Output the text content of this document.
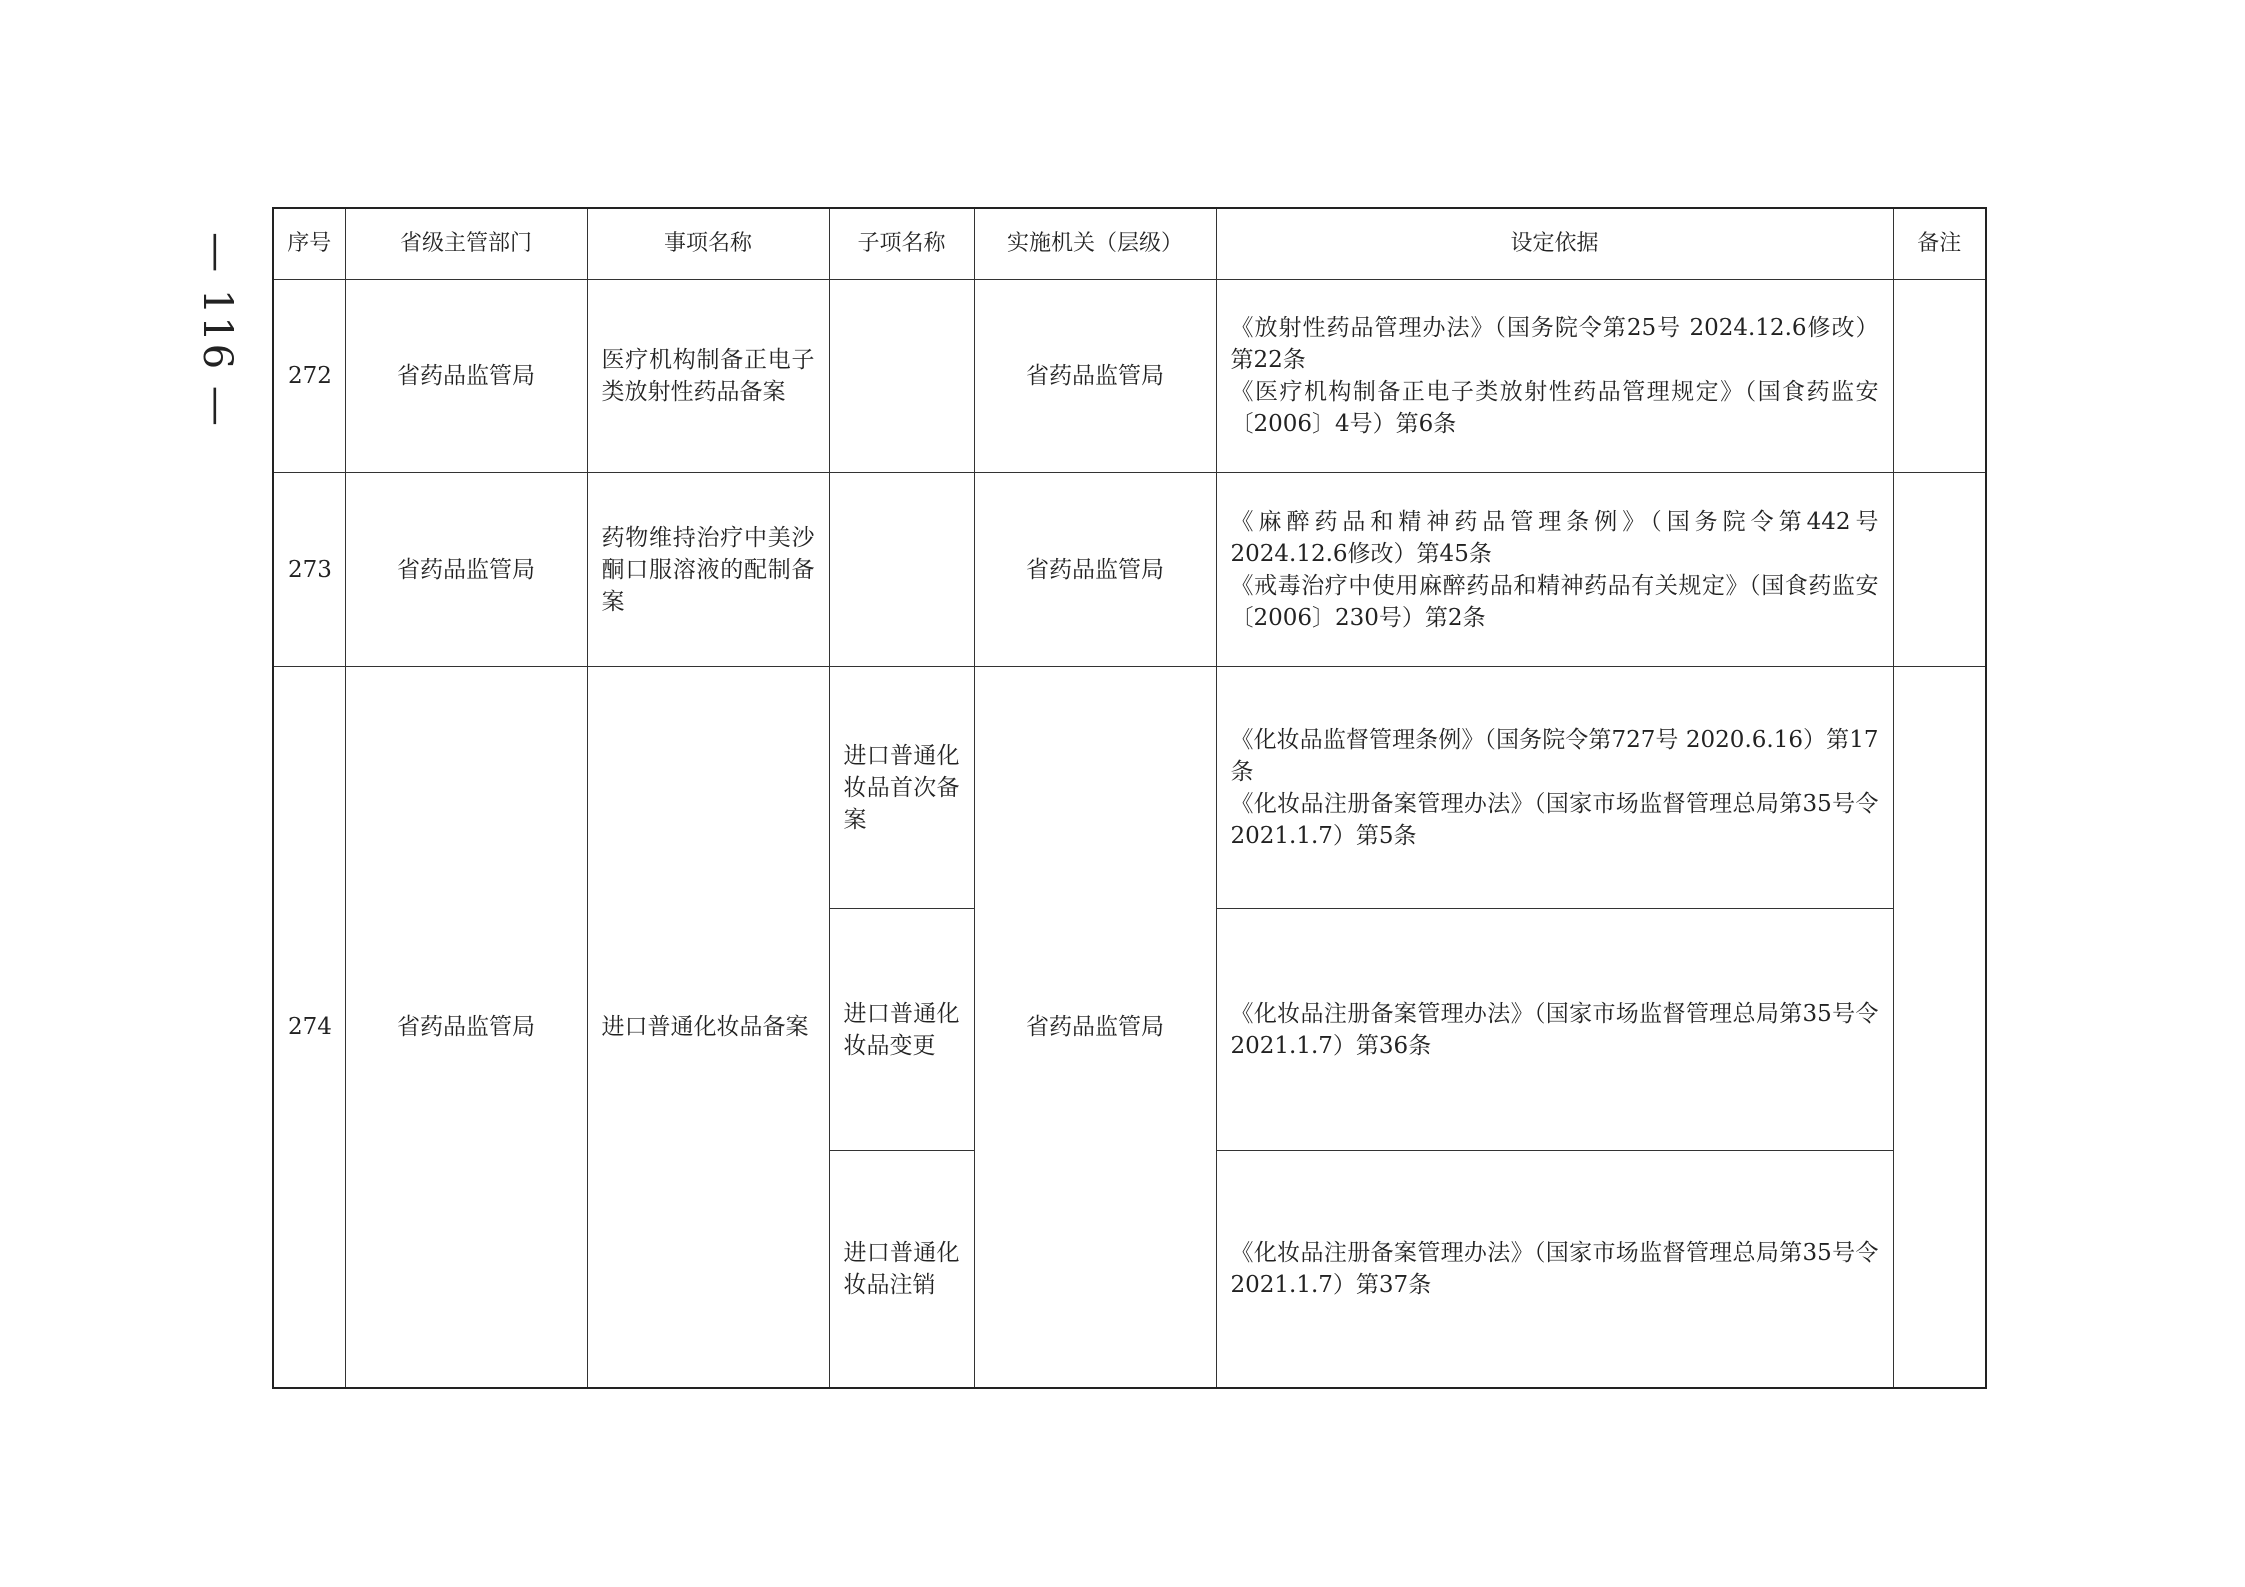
— 116 — 序号	省级主管部门	事项名称	子项名称	实施机关（层级）	设定依据	备注
272	省药品监管局	医疗机构制备正电子类放射性药品备案		省药品监管局	《放射性药品管理办法》（国务院令第25号 2024.12.6修改）第22条
《医疗机构制备正电子类放射性药品管理规定》（国食药监安〔2006〕4号）第6条	

273	省药品监管局	药物维持治疗中美沙酮口服溶液的配制备案		省药品监管局	《麻醉药品和精神药品管理条例》（国务院令第442号 2024.12.6修改）第45条
《戒毒治疗中使用麻醉药品和精神药品有关规定》（国食药监安〔2006〕230号）第2条	

274	省药品监管局	进口普通化妆品备案	进口普通化妆品首次备案	省药品监管局	《化妆品监督管理条例》（国务院令第727号 2020.6.16）第17条
《化妆品注册备案管理办法》（国家市场监督管理总局第35号令 2021.1.7）第5条	

			进口普通化妆品变更		《化妆品注册备案管理办法》（国家市场监督管理总局第35号令 2021.1.7）第36条	

			进口普通化妆品注销		《化妆品注册备案管理办法》（国家市场监督管理总局第35号令 2021.1.7）第37条	
